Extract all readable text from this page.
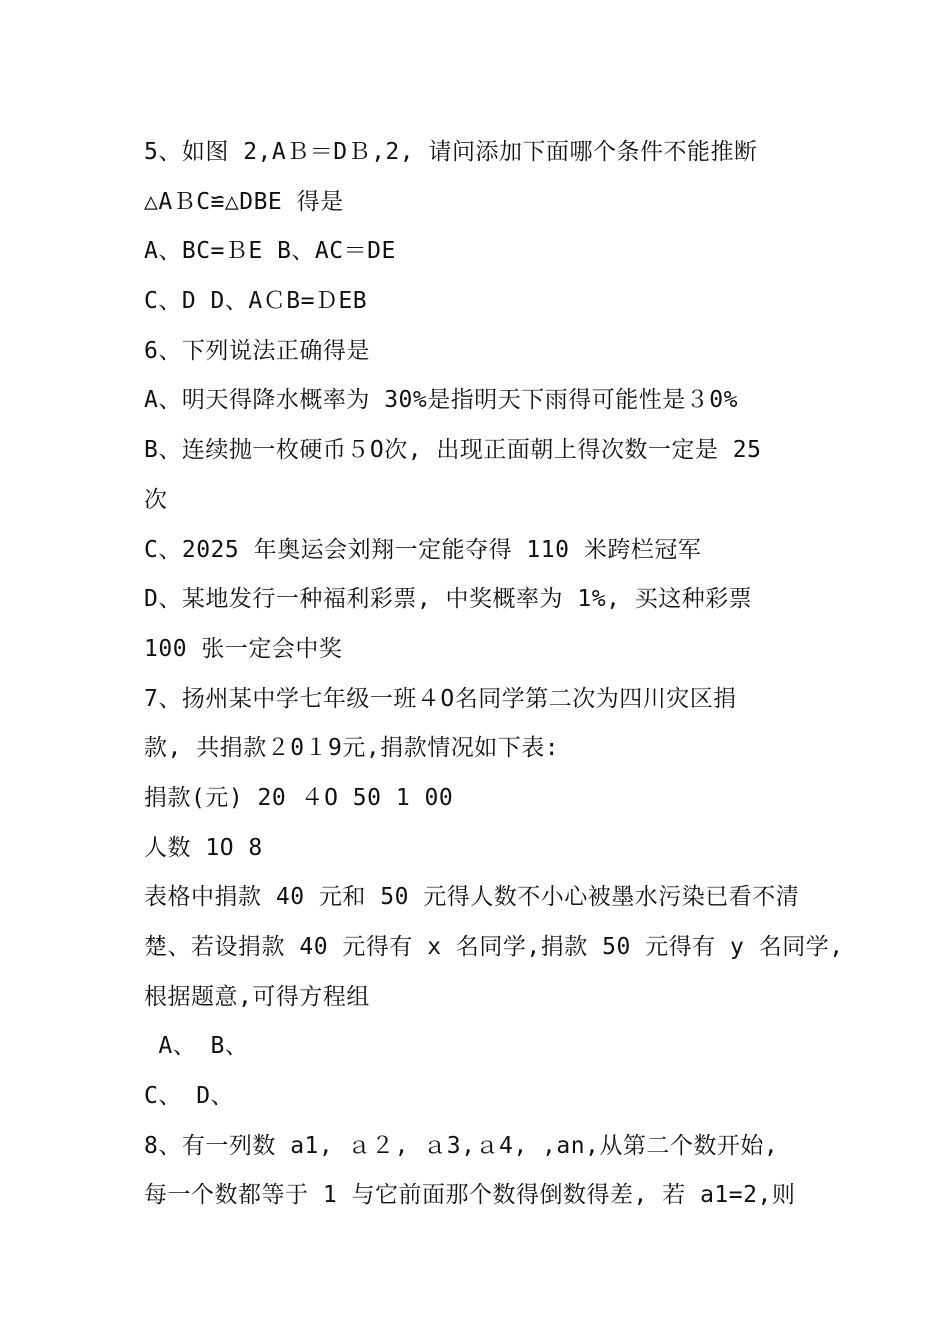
5、如图 2,AＢ＝DＢ,2, 请问添加下面哪个条件不能推断
△AＢC≌△DBE 得是
A、BC=ＢE B、AC＝DE
C、D D、AＣB=ＤEB
6、下列说法正确得是
A、明天得降水概率为 30%是指明天下雨得可能性是３0%
B、连续抛一枚硬币５O次, 出现正面朝上得次数一定是 25
次
C、2025 年奥运会刘翔一定能夺得 110 米跨栏冠军
D、某地发行一种福利彩票, 中奖概率为 1%, 买这种彩票
100 张一定会中奖
7、扬州某中学七年级一班４O名同学第二次为四川灾区捐
款, 共捐款２0１9元,捐款情况如下表:
捐款(元) 20 ４O 50 1 00
人数 1O 8
表格中捐款 40 元和 50 元得人数不小心被墨水污染已看不清
楚、若设捐款 40 元得有 x 名同学,捐款 50 元得有 y 名同学,
根据题意,可得方程组
A、 B、
C、 D、
8、有一列数 a1, ａ２, ａ3,ａ4, ,an,从第二个数开始,
每一个数都等于 1 与它前面那个数得倒数得差, 若 a1=2,则
